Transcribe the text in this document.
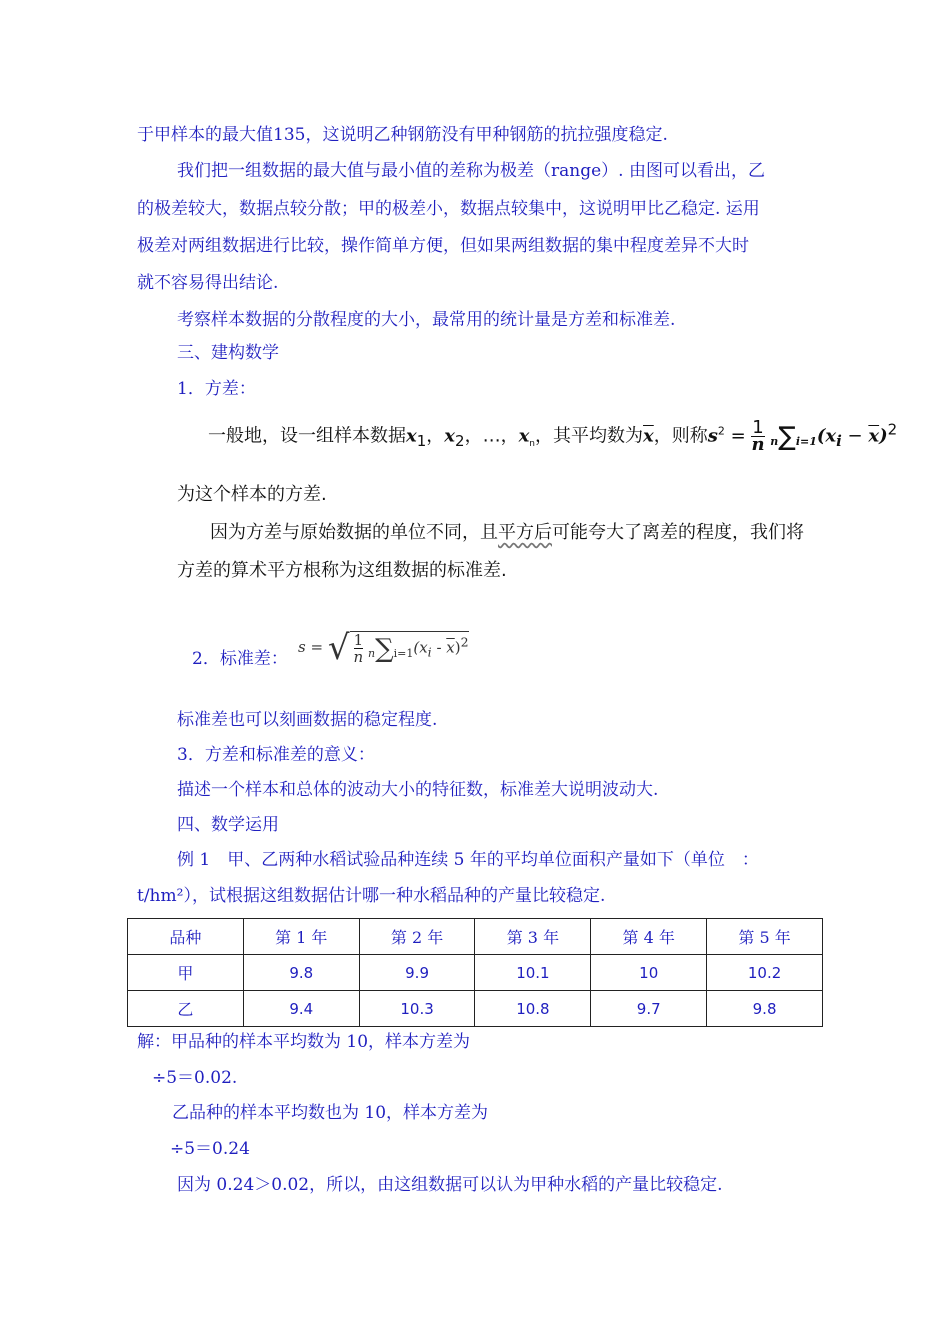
于甲样本的最大值135，这说明乙种钢筋没有甲种钢筋的抗拉强度稳定.
我们把一组数据的最大值与最小值的差称为极差（range）. 由图可以看出，乙
的极差较大，数据点较分散；甲的极差小，数据点较集中，这说明甲比乙稳定. 运用
极差对两组数据进行比较，操作简单方便，但如果两组数据的集中程度差异不大时
就不容易得出结论.
考察样本数据的分散程度的大小，最常用的统计量是方差和标准差.
三、建构数学
1．方差：
一般地，设一组样本数据$x_1$，$x_2$，…，$x_n$，其平均数为$\overline{x}$，则称$s^2 = \frac{1}{n} n\sum i=1(x_i - \overline{x})^2$
为这个样本的方差.
因为方差与原始数据的单位不同，且平方后可能夸大了离差的程度，我们将
方差的算术平方根称为这组数据的标准差.
2．标准差：
s = √ $\frac{1}{n} n\sum i=1(x_i - \overline{x})^2$
标准差也可以刻画数据的稳定程度.
3．方差和标准差的意义：
描述一个样本和总体的波动大小的特征数，标准差大说明波动大.
四、数学运用
例 1　甲、乙两种水稻试验品种连续 5 年的平均单位面积产量如下（单位　：
t/hm²），试根据这组数据估计哪一种水稻品种的产量比较稳定.
品种	第 1 年	第 2 年	第 3 年	第 4 年	第 5 年
甲	9.8	9.9	10.1	10	10.2
乙	9.4	10.3	10.8	9.7	9.8
解：甲品种的样本平均数为 10，样本方差为
÷5＝0.02.
乙品种的样本平均数也为 10，样本方差为
÷5＝0.24
因为 0.24＞0.02，所以，由这组数据可以认为甲种水稻的产量比较稳定.
